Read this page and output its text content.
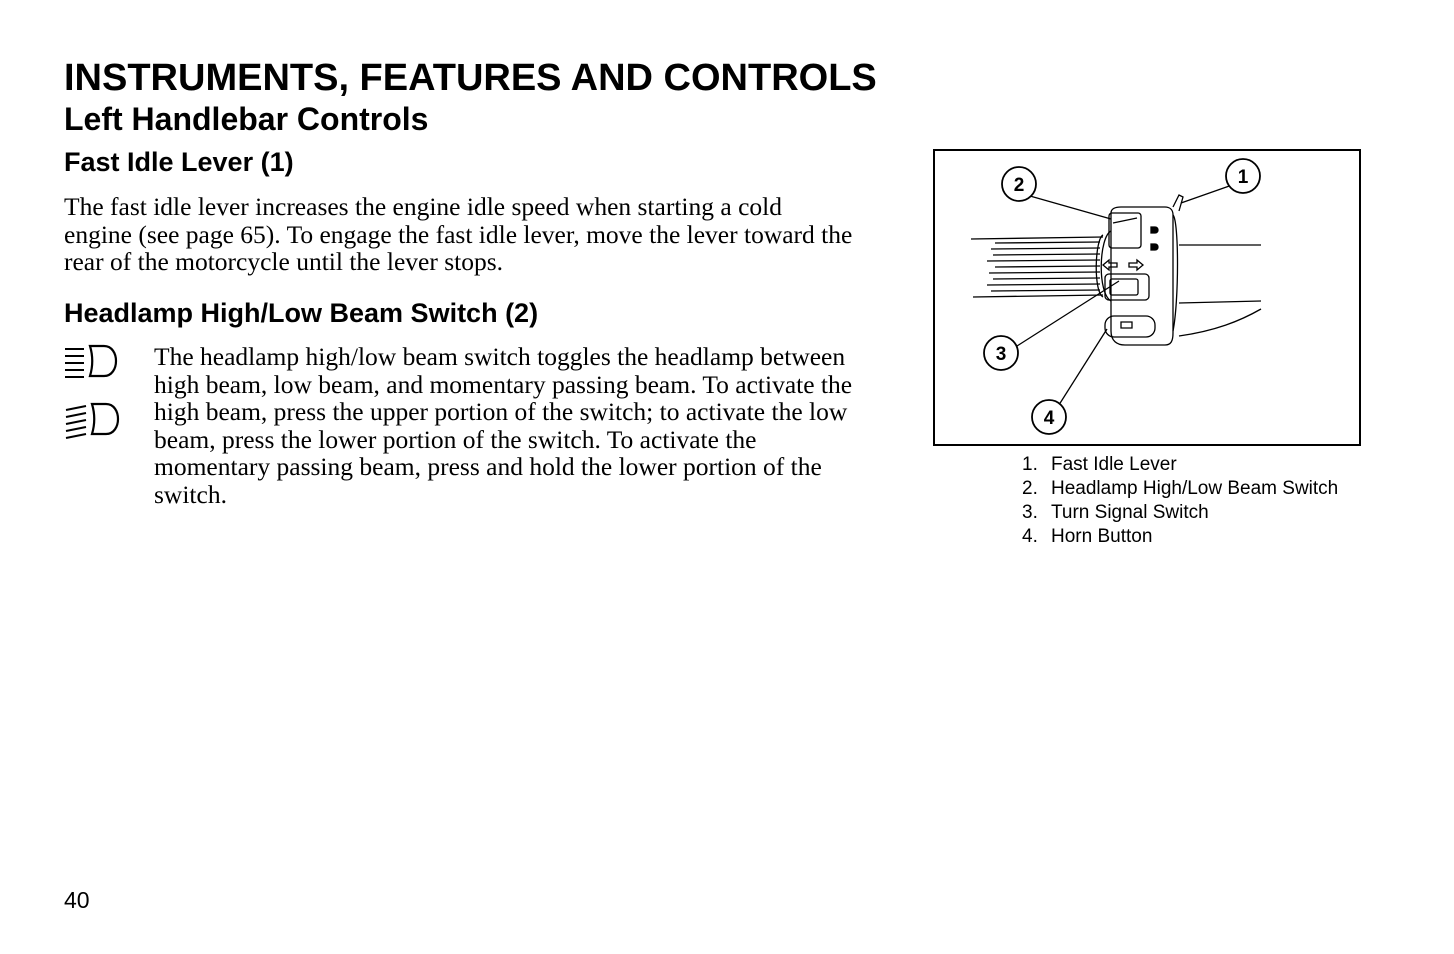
INSTRUMENTS, FEATURES AND CONTROLS
Left Handlebar Controls
Fast Idle Lever (1)

The fast idle lever increases the engine idle speed when starting a cold engine (see page 65). To engage the fast idle lever, move the lever toward the rear of the motorcycle until the lever stops.

Headlamp High/Low Beam Switch (2)

The headlamp high/low beam switch toggles the headlamp between high beam, low beam, and momentary passing beam. To activate the high beam, press the upper portion of the switch; to activate the low beam, press the lower portion of the switch. To activate the momentary passing beam, press and hold the lower portion of the switch.

1
2
3
4
1. Fast Idle Lever
2. Headlamp High/Low Beam Switch
3. Turn Signal Switch
4. Horn Button

40
